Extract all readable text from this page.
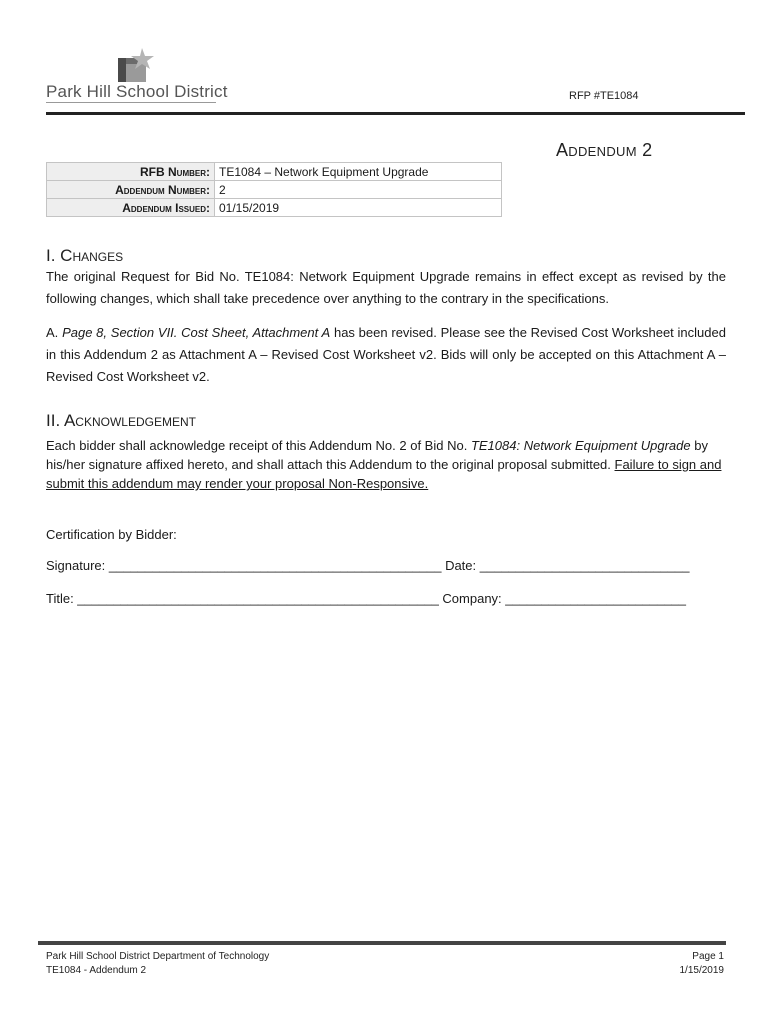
Park Hill School District	RFP #TE1084
Addendum 2
RFB Number:	TE1084 – Network Equipment Upgrade
Addendum Number:	2
Addendum Issued:	01/15/2019
I. Changes
The original Request for Bid No. TE1084: Network Equipment Upgrade remains in effect except as revised by the following changes, which shall take precedence over anything to the contrary in the specifications.
A. Page 8, Section VII. Cost Sheet, Attachment A has been revised. Please see the Revised Cost Worksheet included in this Addendum 2 as Attachment A – Revised Cost Worksheet v2. Bids will only be accepted on this Attachment A – Revised Cost Worksheet v2.
II. Acknowledgement
Each bidder shall acknowledge receipt of this Addendum No. 2 of Bid No. TE1084: Network Equipment Upgrade by his/her signature affixed hereto, and shall attach this Addendum to the original proposal submitted. Failure to sign and submit this addendum may render your proposal Non-Responsive.
Certification by Bidder:
Signature: ______________________________________________ Date: _____________________________
Title: __________________________________________________ Company: _________________________
Park Hill School District Department of Technology
TE1084 - Addendum 2
Page 1
1/15/2019
